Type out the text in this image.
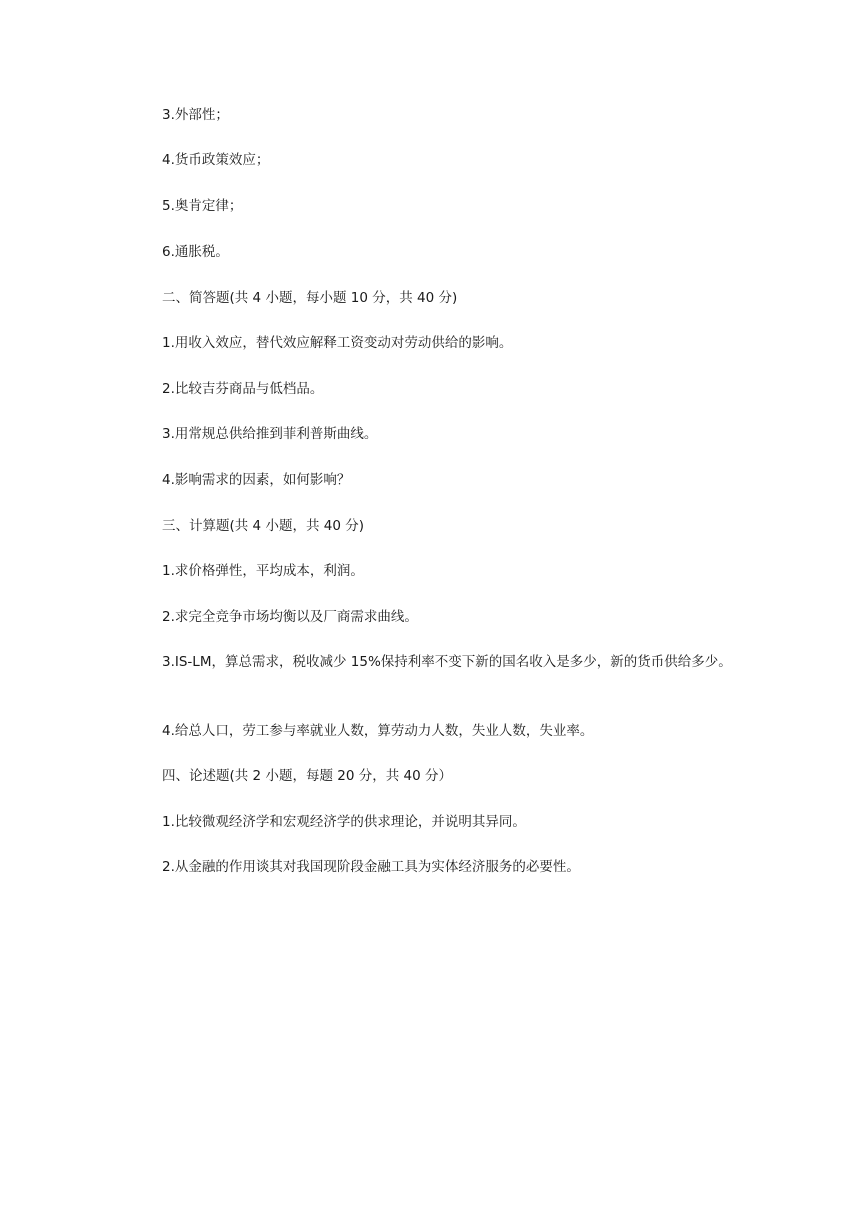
3.外部性；

4.货币政策效应；

5.奥肯定律；

6.通胀税。

二、简答题(共 4 小题，每小题 10 分，共 40 分)

1.用收入效应，替代效应解释工资变动对劳动供给的影响。

2.比较吉芬商品与低档品。

3.用常规总供给推到菲利普斯曲线。

4.影响需求的因素，如何影响？

三、计算题(共 4 小题，共 40 分)

1.求价格弹性，平均成本，利润。

2.求完全竞争市场均衡以及厂商需求曲线。

3.IS-LM，算总需求，税收减少 15%保持利率不变下新的国名收入是多少，新的货币供给多少。

4.给总人口，劳工参与率就业人数，算劳动力人数，失业人数，失业率。

四、论述题(共 2 小题，每题 20 分，共 40 分）

1.比较微观经济学和宏观经济学的供求理论，并说明其异同。

2.从金融的作用谈其对我国现阶段金融工具为实体经济服务的必要性。
